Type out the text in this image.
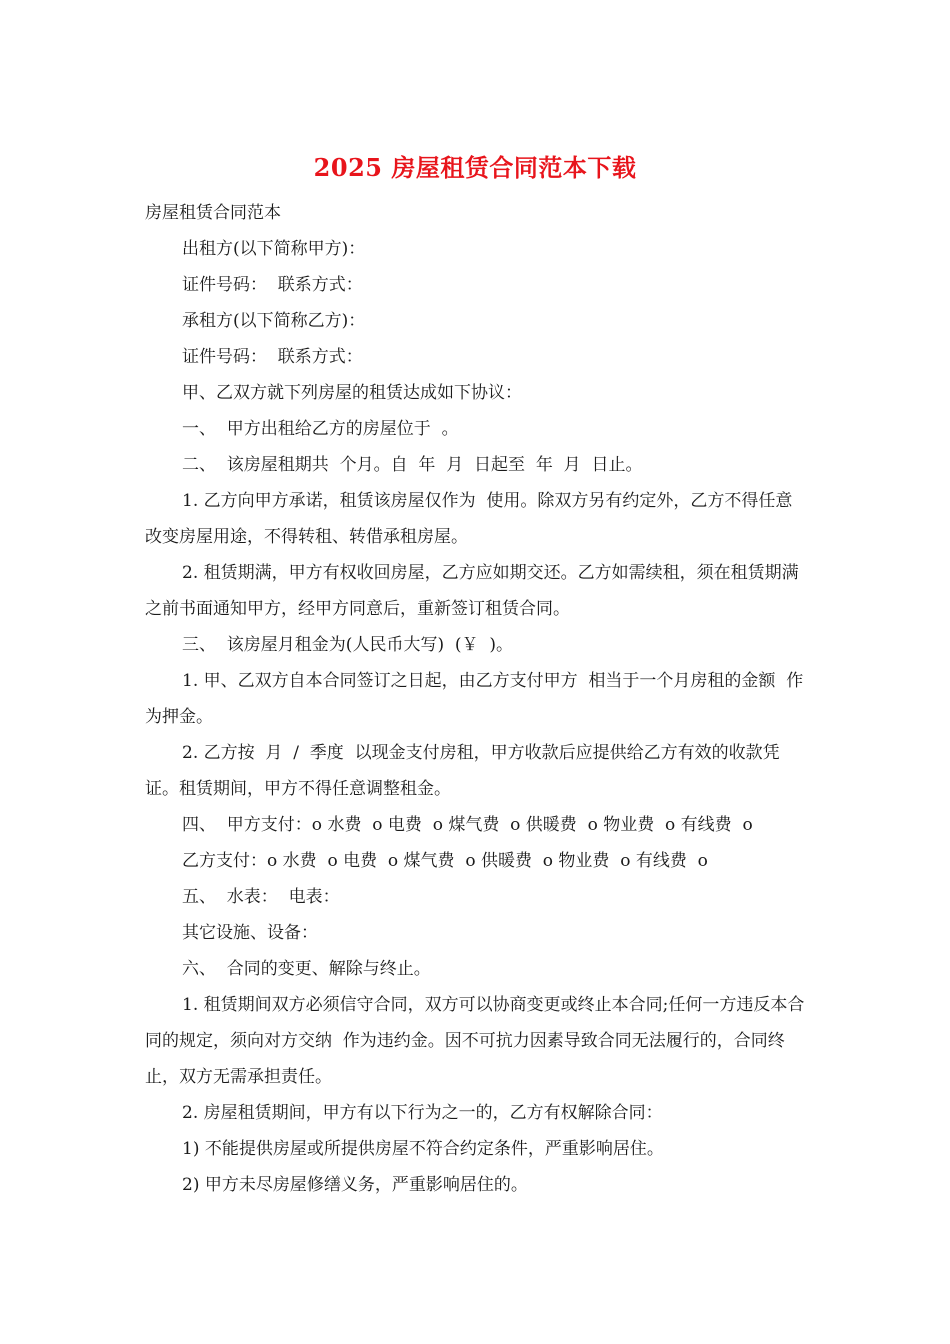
2025 房屋租赁合同范本下载

房屋租赁合同范本

出租方(以下简称甲方)：

证件号码：  联系方式：

承租方(以下简称乙方)：

证件号码：  联系方式：

甲、乙双方就下列房屋的租赁达成如下协议：

一、  甲方出租给乙方的房屋位于  。

二、  该房屋租期共  个月。自  年  月  日起至  年  月  日止。

1. 乙方向甲方承诺，租赁该房屋仅作为  使用。除双方另有约定外，乙方不得任意改变房屋用途，不得转租、转借承租房屋。

2. 租赁期满，甲方有权收回房屋，乙方应如期交还。乙方如需续租，须在租赁期满  之前书面通知甲方，经甲方同意后，重新签订租赁合同。

三、  该房屋月租金为(人民币大写)  (￥  )。

1. 甲、乙双方自本合同签订之日起，由乙方支付甲方  相当于一个月房租的金额  作为押金。

2. 乙方按  月  /  季度  以现金支付房租，甲方收款后应提供给乙方有效的收款凭证。租赁期间，甲方不得任意调整租金。

四、  甲方支付：o 水费  o 电费  o 煤气费  o 供暖费  o 物业费  o 有线费  o

乙方支付：o 水费  o 电费  o 煤气费  o 供暖费  o 物业费  o 有线费  o

五、  水表：  电表：

其它设施、设备：

六、  合同的变更、解除与终止。

1. 租赁期间双方必须信守合同，双方可以协商变更或终止本合同;任何一方违反本合同的规定，须向对方交纳  作为违约金。因不可抗力因素导致合同无法履行的，合同终止，双方无需承担责任。

2. 房屋租赁期间，甲方有以下行为之一的，乙方有权解除合同：

1) 不能提供房屋或所提供房屋不符合约定条件，严重影响居住。

2) 甲方未尽房屋修缮义务，严重影响居住的。
